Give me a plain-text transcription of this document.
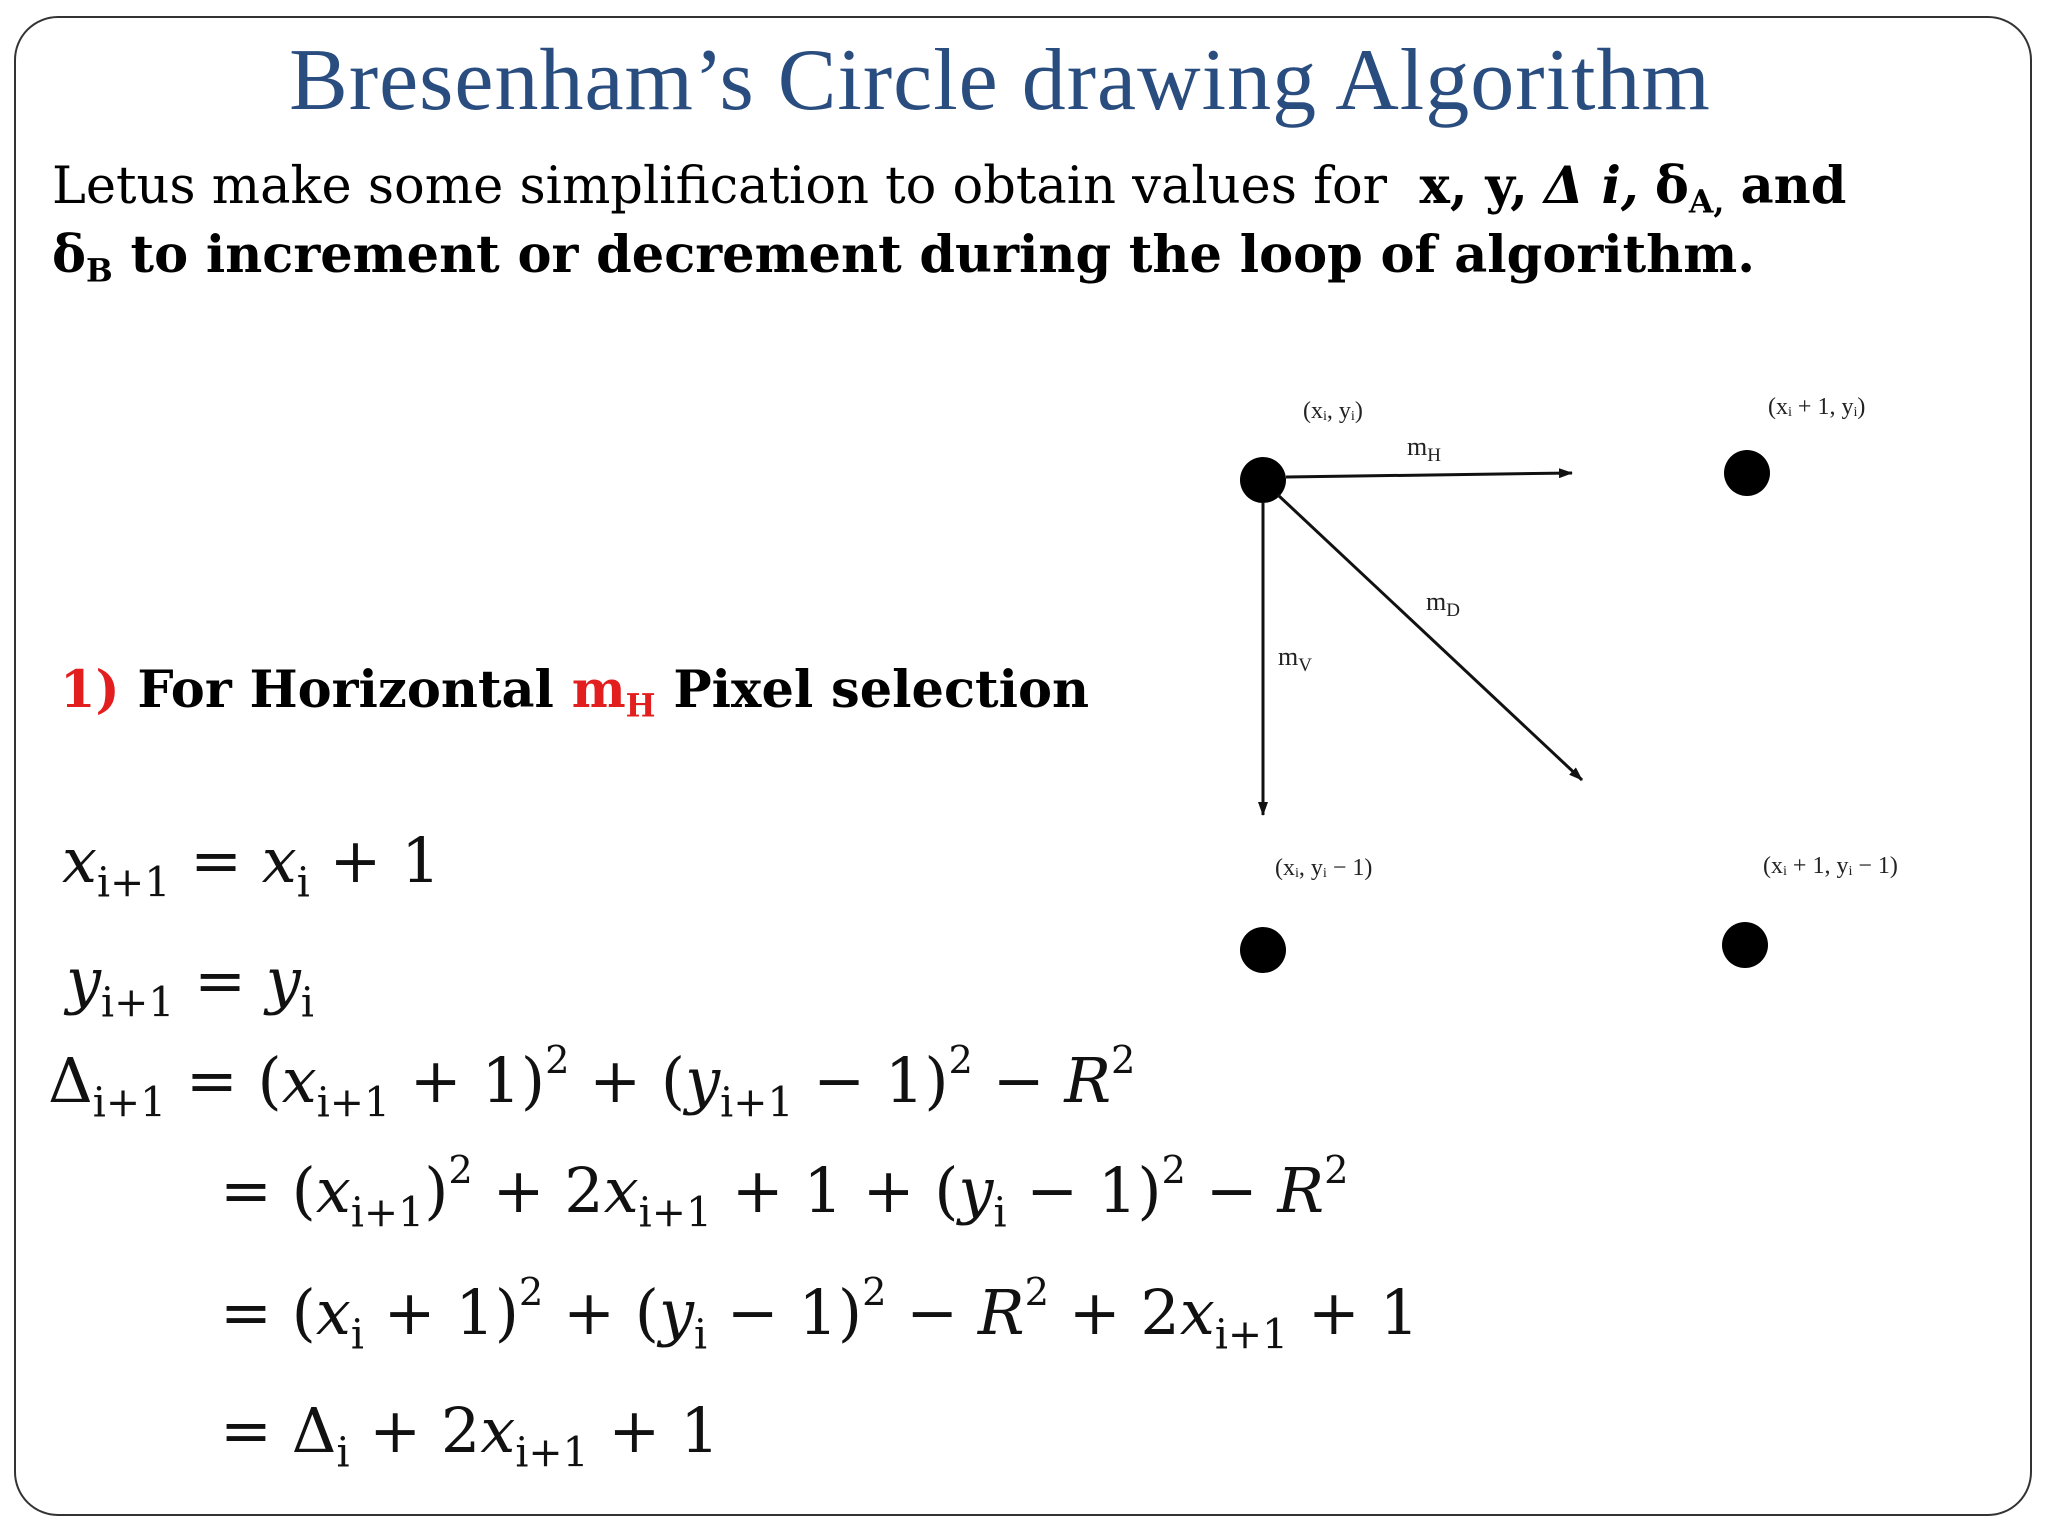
Bresenham’s Circle drawing Algorithm
Letus make some simplification to obtain values for x, y, Δ i, $\delta_{A,}$ and
$\delta_B$ to increment or decrement during the loop of algorithm.
1) For Horizontal $m_H$ Pixel selection
(xᵢ, yᵢ)	(xᵢ + 1, yᵢ)
(xᵢ, yᵢ − 1)	(xᵢ + 1, yᵢ − 1)
$m_H$
$m_D$
$m_V$
$x_{i+1} = x_i + 1$
$y_{i+1} = y_i$
$\Delta_{i+1} = (x_{i+1} + 1)^2 + (y_{i+1} - 1)^2 - R^2$
= $(x_{i+1})^2 + 2x_{i+1} + 1 + (y_i - 1)^2 - R^2$
= $(x_i + 1)^2 + (y_i - 1)^2 - R^2 + 2x_{i+1} + 1$
= $\Delta_i + 2x_{i+1} + 1$
